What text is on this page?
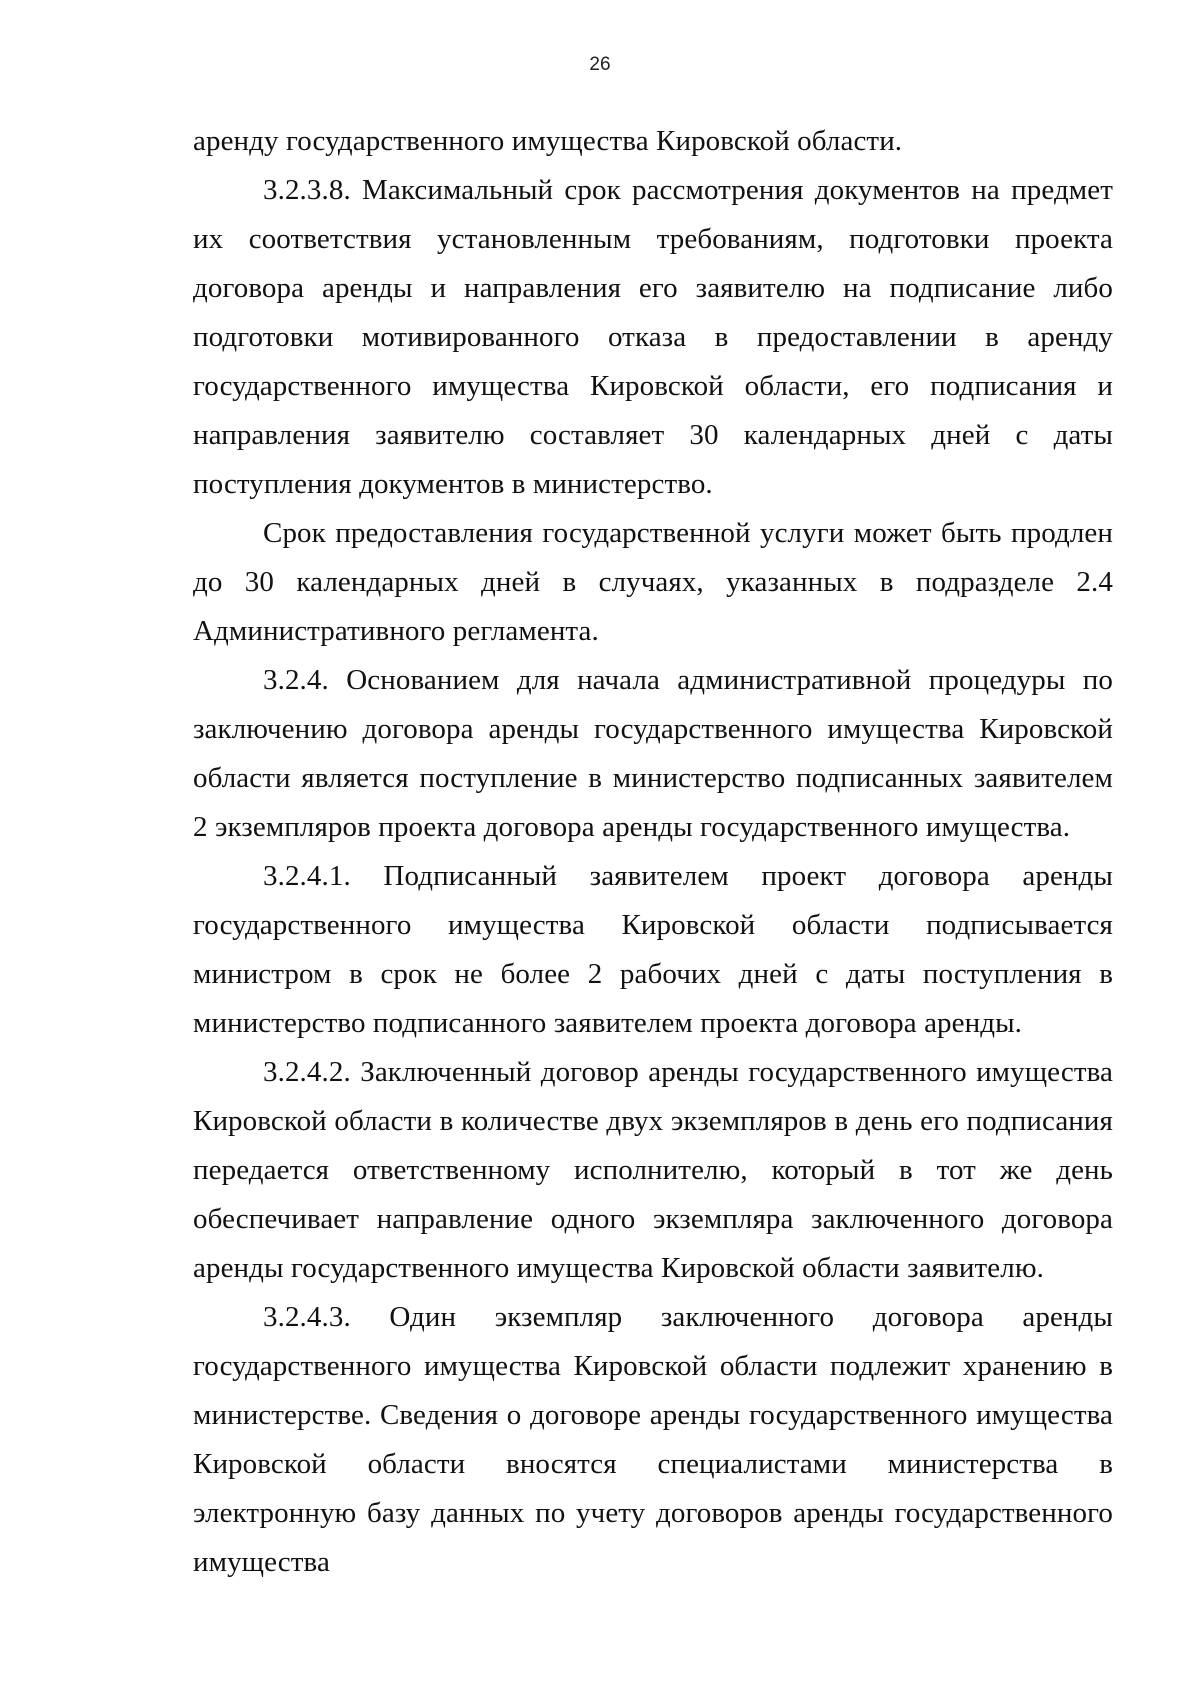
26

аренду государственного имущества Кировской области.

3.2.3.8. Максимальный срок рассмотрения документов на предмет их соответствия установленным требованиям, подготовки проекта договора аренды и направления его заявителю на подписание либо подготовки мотивированного отказа в предоставлении в аренду государственного имущества Кировской области, его подписания и направления заявителю составляет 30 календарных дней с даты поступления документов в министерство.

Срок предоставления государственной услуги может быть продлен до 30 календарных дней в случаях, указанных в подразделе 2.4 Административного регламента.

3.2.4. Основанием для начала административной процедуры по заключению договора аренды государственного имущества Кировской области является поступление в министерство подписанных заявителем 2 экземпляров проекта договора аренды государственного имущества.

3.2.4.1. Подписанный заявителем проект договора аренды государственного имущества Кировской области подписывается министром в срок не более 2 рабочих дней с даты поступления в министерство подписанного заявителем проекта договора аренды.

3.2.4.2. Заключенный договор аренды государственного имущества Кировской области в количестве двух экземпляров в день его подписания передается ответственному исполнителю, который в тот же день обеспечивает направление одного экземпляра заключенного договора аренды государственного имущества Кировской области заявителю.

3.2.4.3. Один экземпляр заключенного договора аренды государственного имущества Кировской области подлежит хранению в министерстве. Сведения о договоре аренды государственного имущества Кировской области вносятся специалистами министерства в электронную базу данных по учету договоров аренды государственного имущества
